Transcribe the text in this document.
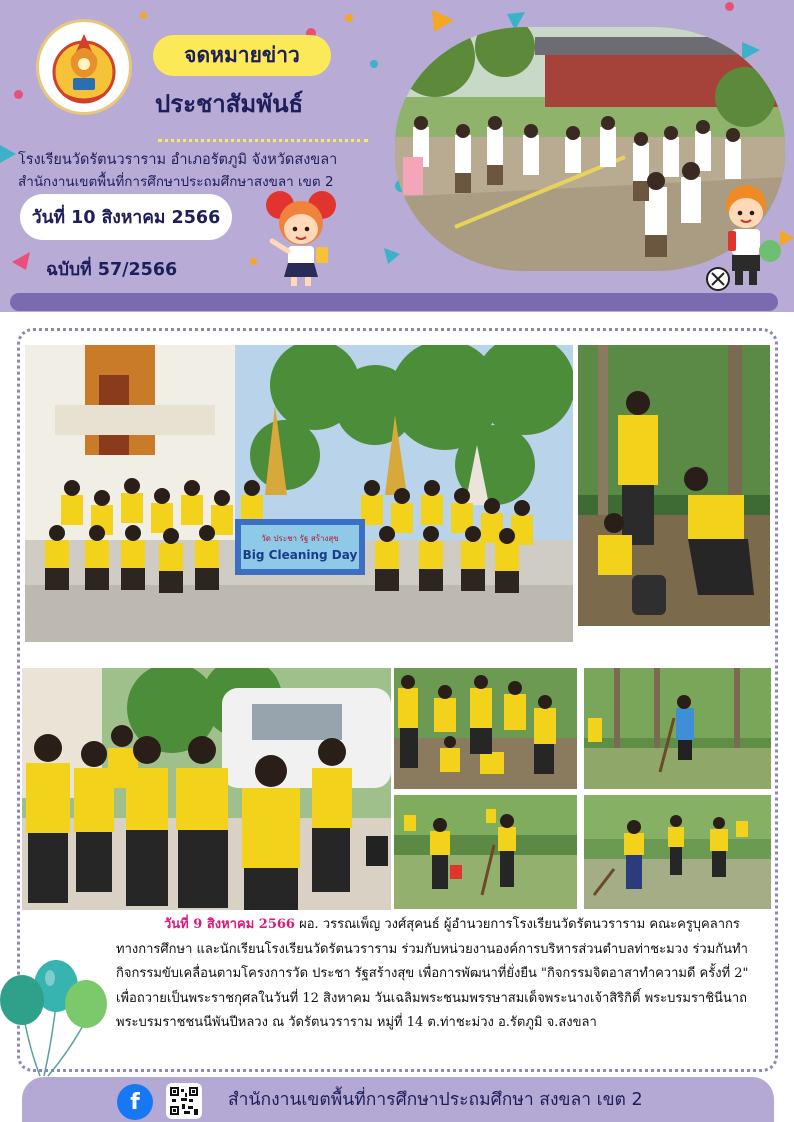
จดหมายข่าว
ประชาสัมพันธ์
โรงเรียนวัดรัตนวราราม อำเภอรัตภูมิ จังหวัดสงขลา
สำนักงานเขตพื้นที่การศึกษาประถมศึกษาสงขลา เขต 2
วันที่ 10 สิงหาคม 2566
ฉบับที่ 57/2566
วัด ประชา รัฐ สร้างสุข
Big Cleaning Day
วันที่ 9 สิงหาคม 2566 ผอ. วรรณเพ็ญ วงศ์สุคนธ์ ผู้อำนวยการโรงเรียนวัดรัตนวราราม คณะครูบุคลากรทางการศึกษา และนักเรียนโรงเรียนวัดรัตนวราราม ร่วมกับหน่วยงานองค์การบริหารส่วนตำบลท่าชะมวง ร่วมกันทำกิจกรรมขับเคลื่อนตามโครงการวัด ประชา รัฐสร้างสุข เพื่อการพัฒนาที่ยั่งยืน "กิจกรรมจิตอาสาทำความดี ครั้งที่ 2" เพื่อถวายเป็นพระราชกุศลในวันที่ 12 สิงหาคม วันเฉลิมพระชนมพรรษาสมเด็จพระนางเจ้าสิริกิติ์ พระบรมราชินีนาถ พระบรมราชชนนีพันปีหลวง ณ วัดรัตนวราราม หมู่ที่ 14 ต.ท่าชะม่วง อ.รัตภูมิ จ.สงขลา
f	สำนักงานเขตพื้นที่การศึกษาประถมศึกษา สงขลา เขต 2
